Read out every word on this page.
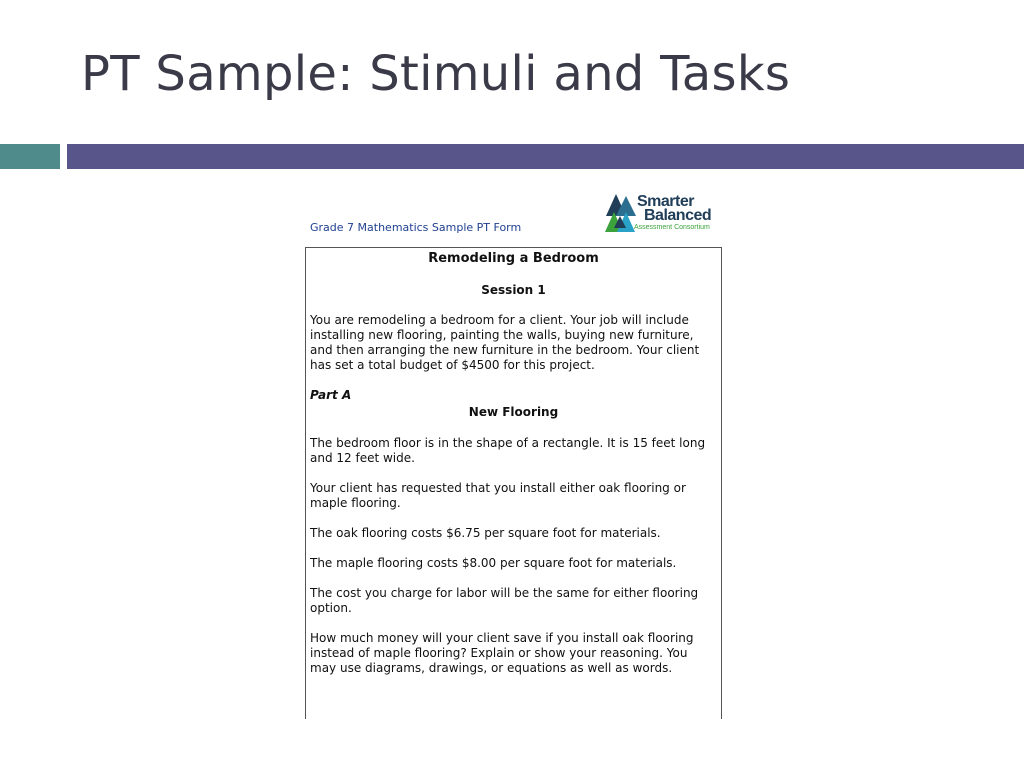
PT Sample: Stimuli and Tasks
Grade 7 Mathematics Sample PT Form
Smarter
Balanced
Assessment Consortium
Remodeling a Bedroom
Session 1

You are remodeling a bedroom for a client. Your job will include installing new flooring, painting the walls, buying new furniture, and then arranging the new furniture in the bedroom. Your client has set a total budget of $4500 for this project.

Part A
New Flooring

The bedroom floor is in the shape of a rectangle. It is 15 feet long and 12 feet wide.

Your client has requested that you install either oak flooring or maple flooring.

The oak flooring costs $6.75 per square foot for materials.

The maple flooring costs $8.00 per square foot for materials.

The cost you charge for labor will be the same for either flooring option.

How much money will your client save if you install oak flooring instead of maple flooring? Explain or show your reasoning. You may use diagrams, drawings, or equations as well as words.
